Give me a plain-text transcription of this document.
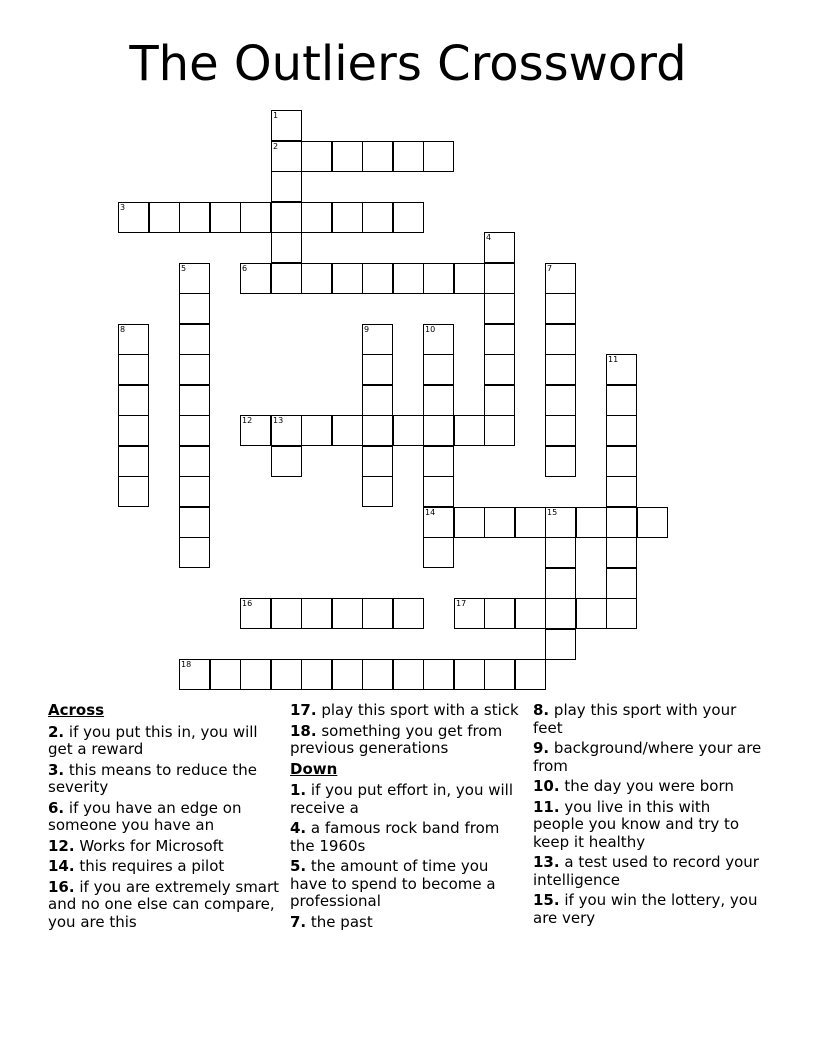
The Outliers Crossword
1
2
3
4
5	6	7
8	9	10
14
11
12	13
15
16	17
18
Across
2. if you put this in, you will get a reward
3. this means to reduce the severity
6. if you have an edge on someone you have an
12. Works for Microsoft
14. this requires a pilot
16. if you are extremely smart and no one else can compare, you are this
17. play this sport with a stick
18. something you get from previous generations
Down
1. if you put effort in, you will receive a
4. a famous rock band from the 1960s
5. the amount of time you have to spend to become a professional
7. the past
8. play this sport with your feet
9. background/where your are from
10. the day you were born
11. you live in this with people you know and try to keep it healthy
13. a test used to record your intelligence
15. if you win the lottery, you are very
